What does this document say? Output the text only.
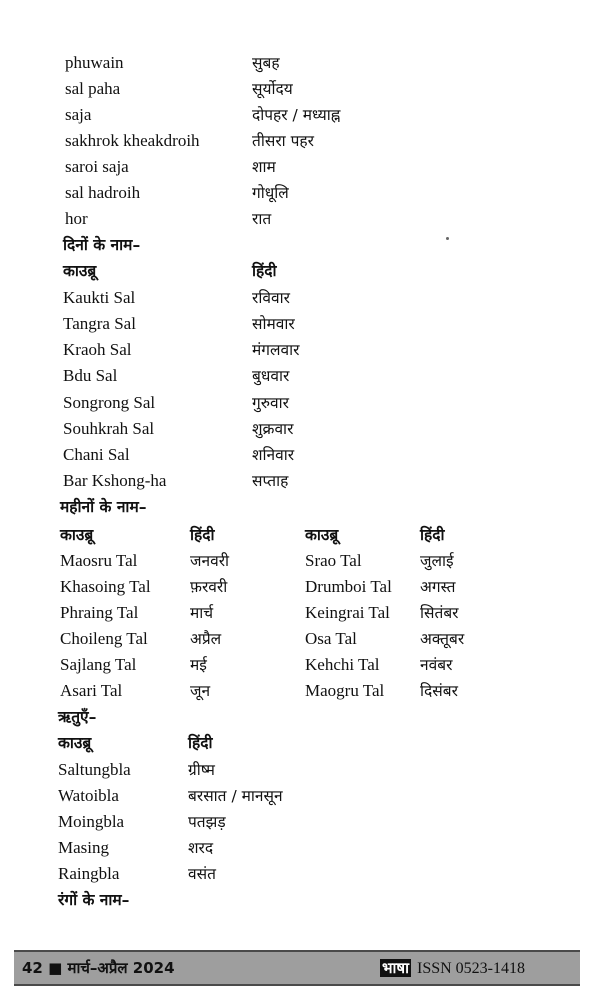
phuwain	सुबह
sal paha	सूर्योदय
saja	दोपहर / मध्याह्न
sakhrok kheakdroih	तीसरा पहर
saroi saja	शाम
sal hadroih	गोधूलि
hor	रात
दिनों के नाम–
काउब्रू	हिंदी
Kaukti Sal	रविवार
Tangra Sal	सोमवार
Kraoh Sal	मंगलवार
Bdu Sal	बुधवार
Songrong Sal	गुरुवार
Souhkrah Sal	शुक्रवार
Chani Sal	शनिवार
Bar Kshong-ha	सप्ताह
महीनों के नाम–
काउब्रू	हिंदी	काउब्रू	हिंदी
Maosru Tal	जनवरी	Srao Tal	जुलाई
Khasoing Tal	फ़रवरी	Drumboi Tal अगस्त
Phraing Tal	मार्च	Keingrai Tal सितंबर
Choileng Tal	अप्रैल	Osa Tal	अक्तूबर
Sajlang Tal	मई	Kehchi Tal	नवंबर
Asari Tal	जून	Maogru Tal दिसंबर
ऋतुएँ–
काउब्रू	हिंदी
Saltungbla	ग्रीष्म
Watoibla	बरसात / मानसून
Moingbla	पतझड़
Masing	शरद
Raingbla	वसंत
रंगों के नाम–
42 ■ मार्च–अप्रैल 2024	भाषा ISSN 0523-1418
